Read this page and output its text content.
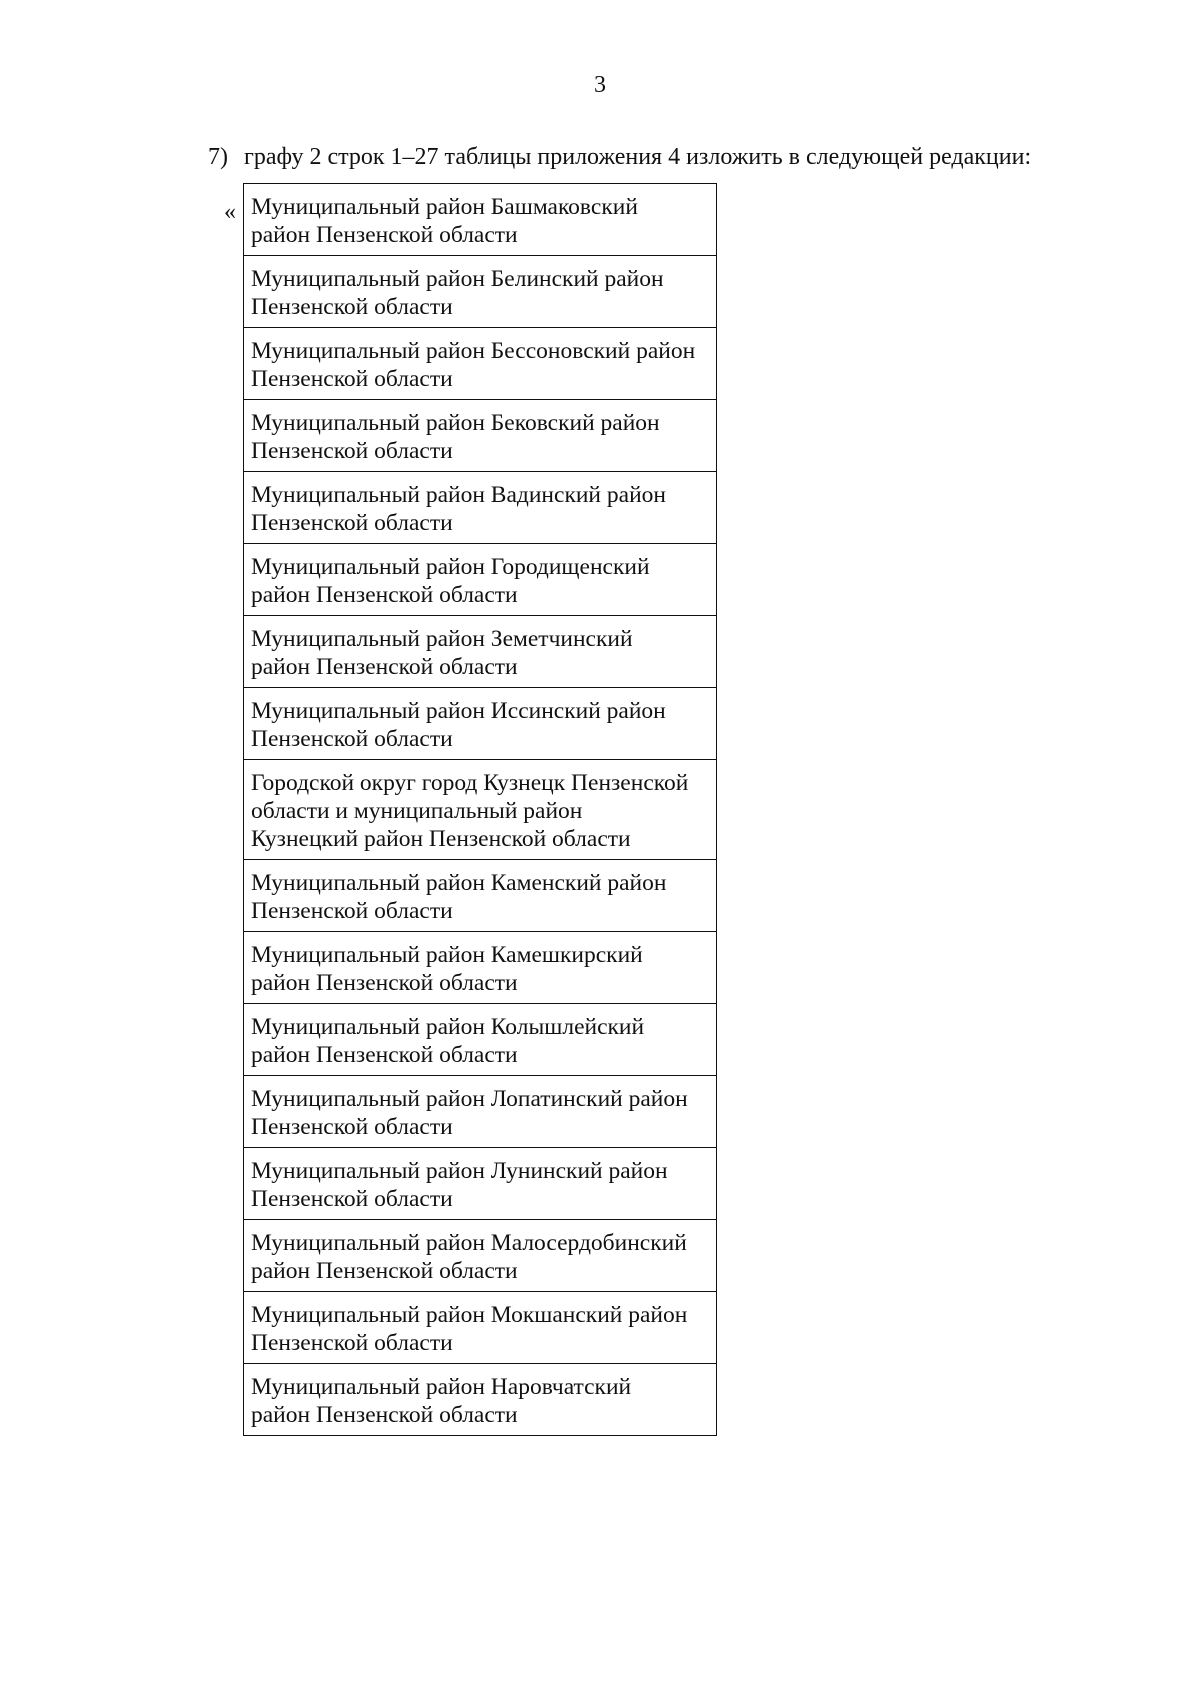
3
7) графу 2 строк 1–27 таблицы приложения 4 изложить в следующей редакции:
« Муниципальный район Башмаковский
район Пензенской области
Муниципальный район Белинский район
Пензенской области
Муниципальный район Бессоновский район
Пензенской области
Муниципальный район Бековский район
Пензенской области
Муниципальный район Вадинский район
Пензенской области
Муниципальный район Городищенский
район Пензенской области
Муниципальный район Земетчинский
район Пензенской области
Муниципальный район Иссинский район
Пензенской области
Городской округ город Кузнецк Пензенской
области и муниципальный район
Кузнецкий район Пензенской области
Муниципальный район Каменский район
Пензенской области
Муниципальный район Камешкирский
район Пензенской области
Муниципальный район Колышлейский
район Пензенской области
Муниципальный район Лопатинский район
Пензенской области
Муниципальный район Лунинский район
Пензенской области
Муниципальный район Малосердобинский
район Пензенской области
Муниципальный район Мокшанский район
Пензенской области
Муниципальный район Наровчатский
район Пензенской области
